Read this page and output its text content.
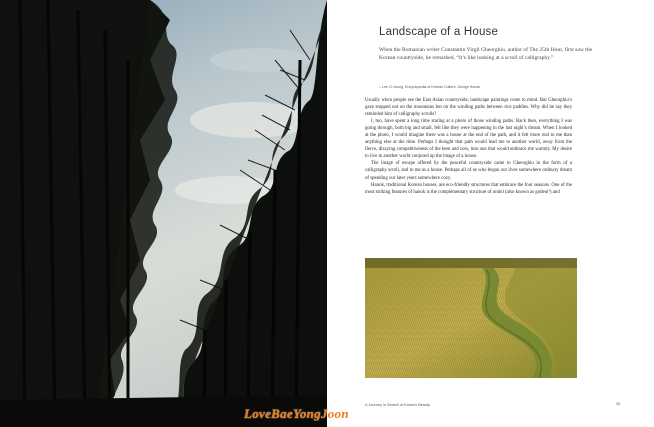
Landscape of a House
When the Romanian writer Constantin Virgil Gheorghiu, author of The 25th Hour, first saw the Korean countryside, he remarked, “It’s like looking at a scroll of calligraphy.”
– Lee O-Young, Encyclopedia of Korean Culture, Design House

Usually when people see the East Asian countryside, landscape paintings come to mind. But Gheorghiu’s gaze stopped not on the mountains but on the winding paths between rice paddies. Why did he say they reminded him of calligraphy scrolls?

I, too, have spent a long time staring at a photo of those winding paths. Back then, everything I was going through, both big and small, felt like they were happening in the last night’s dream. When I looked at the photo, I would imagine there was a house at the end of the path, and it felt more real to me than anything else at the time. Perhaps I thought that path would lead me to another world, away from the fierce, dizzying competitiveness of the here and now, into one that would embrace me warmly. My desire to live in another world conjured up the image of a house.

The image of escape offered by the peaceful countryside came to Gheorghiu in the form of a calligraphy scroll, and to me as a house. Perhaps all of us who began our lives somewhere ordinary dream of spending our later years somewhere cozy.

Hanok, traditional Korean houses, are eco-friendly structures that embrace the four seasons. One of the most striking features of hanok is the complementary structure of ondol (also known as gudeul¹) and

A Journey in Search of Korea’s Beauty	26
LoveBaeYongJoon
